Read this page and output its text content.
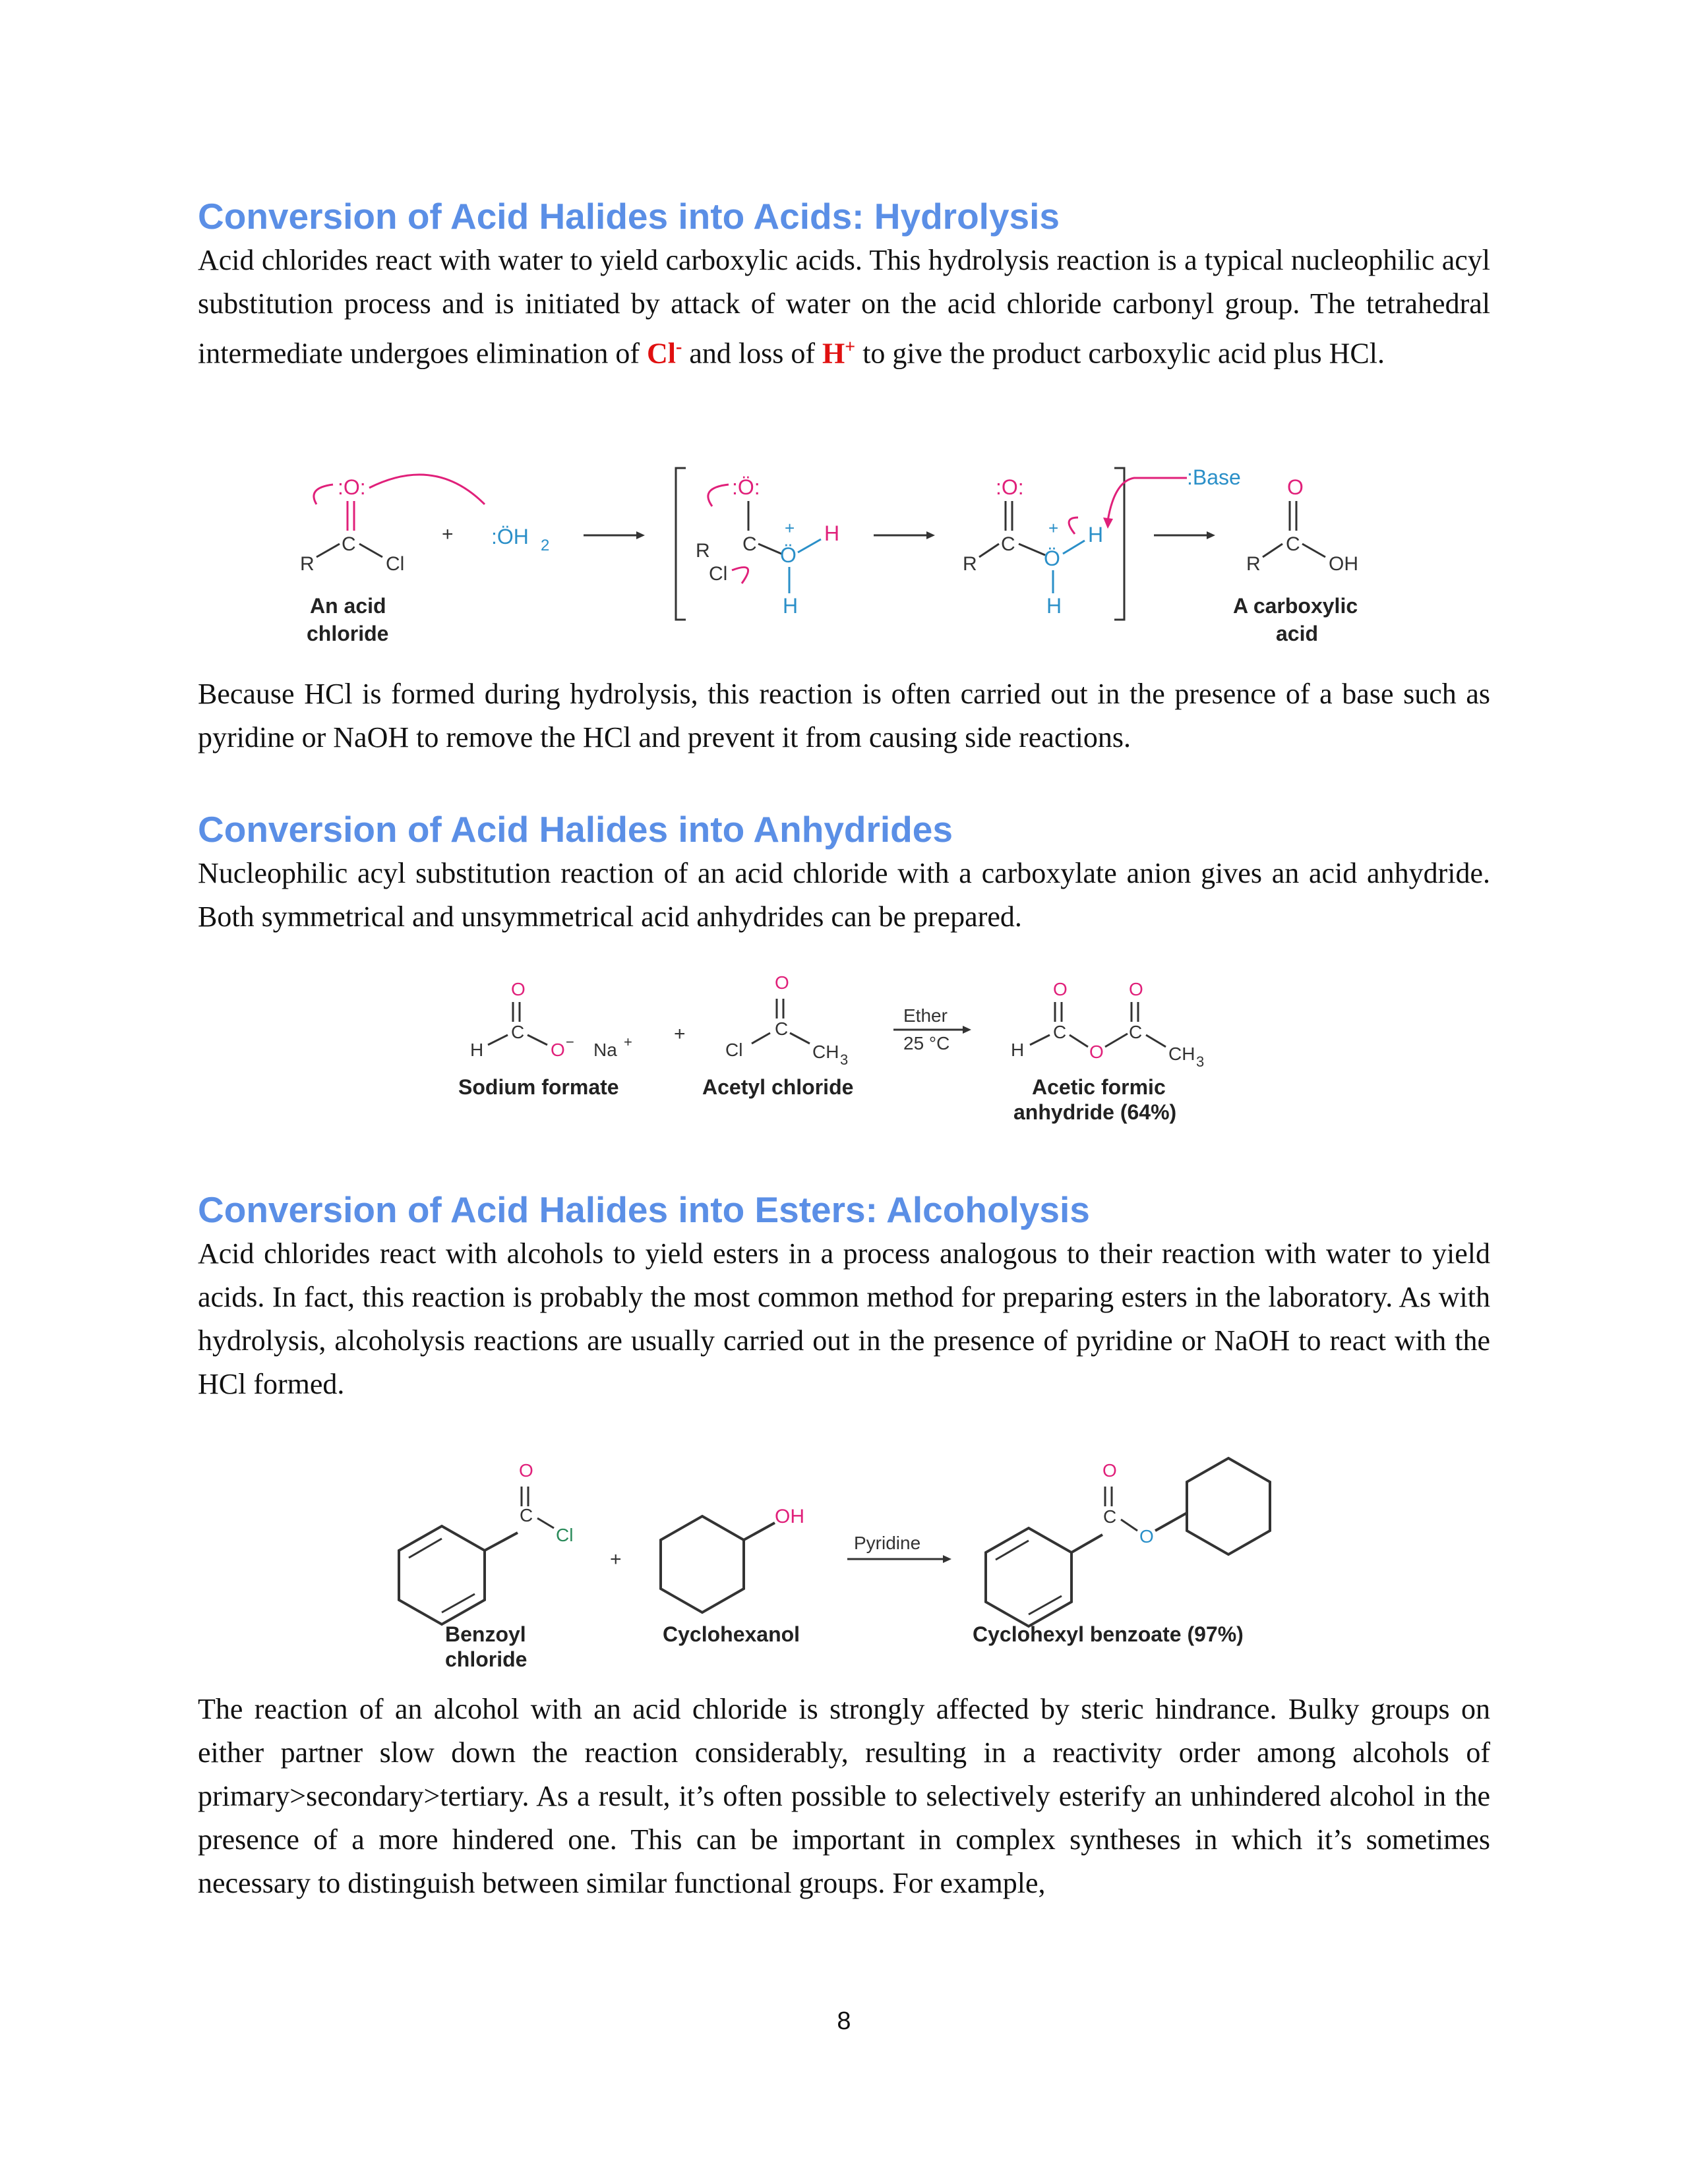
Conversion of Acid Halides into Acids: Hydrolysis

Acid chlorides react with water to yield carboxylic acids. This hydrolysis reaction is a typical nucleophilic acyl substitution process and is initiated by attack of water on the acid chloride carbonyl group. The tetrahedral intermediate undergoes elimination of Cl- and loss of H+ to give the product carboxylic acid plus HCl.

:O:
C
R	Cl
An acid
chloride
+ :ÖH 2
:Ö:
C
R
Cl
Ö
+ H
H
:O:
C
R	Ö
+ H
H
:Base O
C
R	OH
A carboxylic
acid

Because HCl is formed during hydrolysis, this reaction is often carried out in the presence of a base such as pyridine or NaOH to remove the HCl and prevent it from causing side reactions.

Conversion of Acid Halides into Anhydrides

Nucleophilic acyl substitution reaction of an acid chloride with a carboxylate anion gives an acid anhydride. Both symmetrical and unsymmetrical acid anhydrides can be prepared.

O
C
H	O − Na +
Sodium formate
+
O
C
Cl	CH 3
Acetyl chloride
Ether
25 °C
O
C
H	O
O
C
CH 3
Acetic formic
anhydride (64%)
Conversion of Acid Halides into Esters: Alcoholysis

Acid chlorides react with alcohols to yield esters in a process analogous to their reaction with water to yield acids. In fact, this reaction is probably the most common method for preparing esters in the laboratory. As with hydrolysis, alcoholysis reactions are usually carried out in the presence of pyridine or NaOH to react with the HCl formed.

C
O
Cl
Benzoyl
chloride
+
OH
Cyclohexanol
Pyridine
C
O
O
Cyclohexyl benzoate (97%)

The reaction of an alcohol with an acid chloride is strongly affected by steric hindrance. Bulky groups on either partner slow down the reaction considerably, resulting in a reactivity order among alcohols of primary>secondary>tertiary. As a result, it’s often possible to selectively esterify an unhindered alcohol in the presence of a more hindered one. This can be important in complex syntheses in which it’s sometimes necessary to distinguish between similar functional groups. For example,

8
